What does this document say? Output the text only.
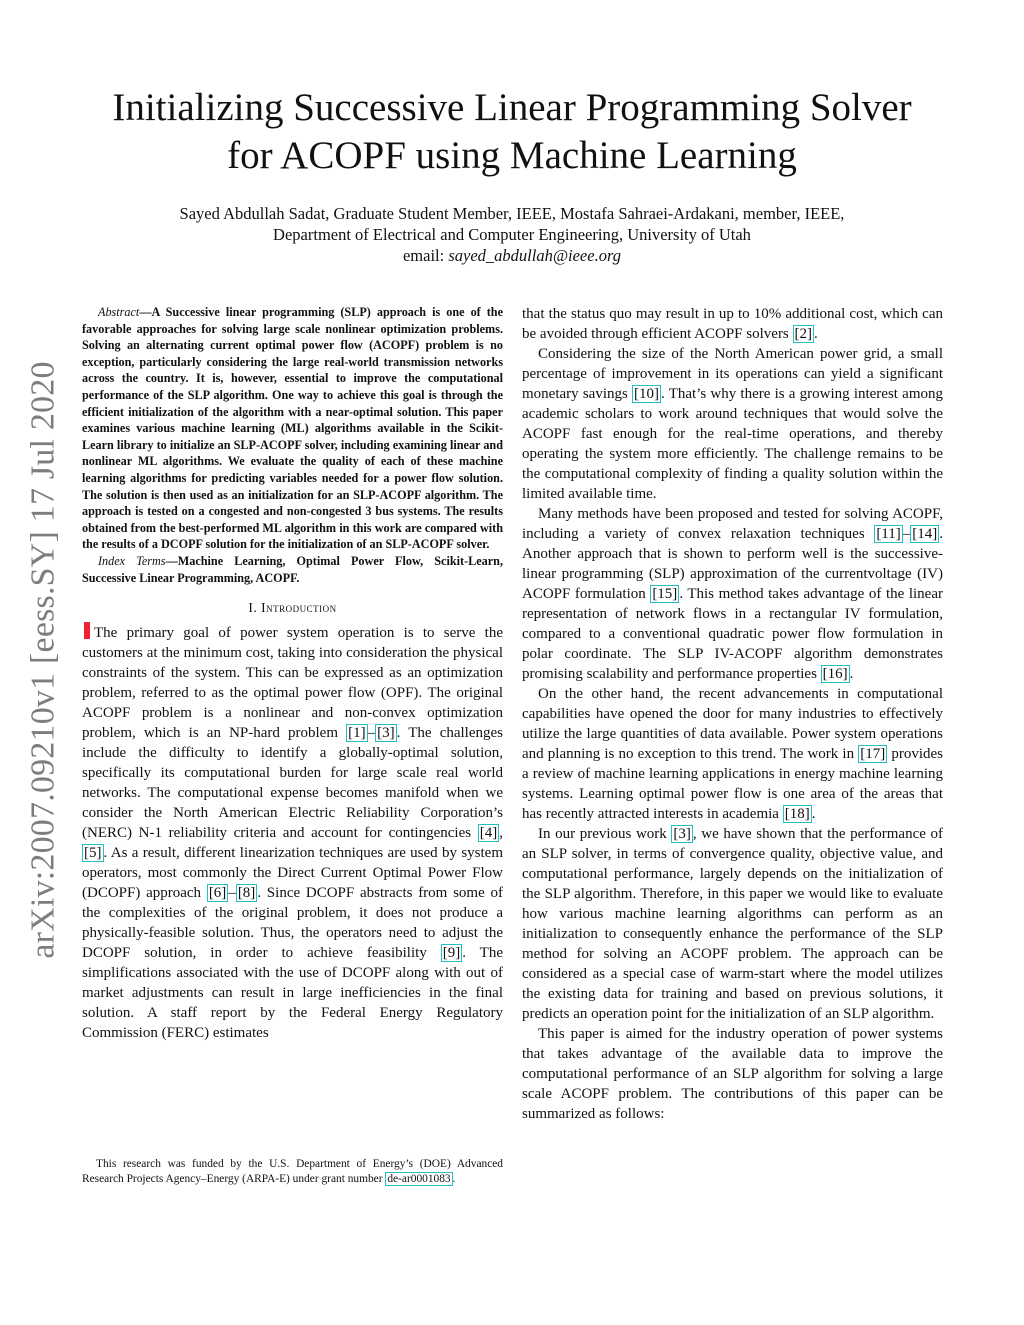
arXiv:2007.09210v1 [eess.SY] 17 Jul 2020
Initializing Successive Linear Programming Solver
for ACOPF using Machine Learning
Sayed Abdullah Sadat, Graduate Student Member, IEEE, Mostafa Sahraei-Ardakani, member, IEEE,
Department of Electrical and Computer Engineering, University of Utah
email: sayed_abdullah@ieee.org

Abstract—A Successive linear programming (SLP) approach is one of the favorable approaches for solving large scale nonlinear optimization problems. Solving an alternating current optimal power flow (ACOPF) problem is no exception, particularly considering the large real-world transmission networks across the country. It is, however, essential to improve the computational performance of the SLP algorithm. One way to achieve this goal is through the efficient initialization of the algorithm with a near-optimal solution. This paper examines various machine learning (ML) algorithms available in the Scikit-Learn library to initialize an SLP-ACOPF solver, including examining linear and nonlinear ML algorithms. We evaluate the quality of each of these machine learning algorithms for predicting variables needed for a power flow solution. The solution is then used as an initialization for an SLP-ACOPF algorithm. The approach is tested on a congested and non-congested 3 bus systems. The results obtained from the best-performed ML algorithm in this work are compared with the results of a DCOPF solution for the initialization of an SLP-ACOPF solver.

Index Terms—Machine Learning, Optimal Power Flow, Scikit-Learn, Successive Linear Programming, ACOPF.

I. Introduction

The primary goal of power system operation is to serve the customers at the minimum cost, taking into consideration the physical constraints of the system. This can be expressed as an optimization problem, referred to as the optimal power flow (OPF). The original ACOPF problem is a nonlinear and non-convex optimization problem, which is an NP-hard problem [1] – [3] . The challenges include the difficulty to identify a globally-optimal solution, specifically its computational burden for large scale real world networks. The computational expense becomes manifold when we consider the North American Electric Reliability Corporation’s (NERC) N-1 reliability criteria and account for contingencies [4] , [5] . As a result, different linearization techniques are used by system operators, most commonly the Direct Current Optimal Power Flow (DCOPF) approach [6] – [8] . Since DCOPF abstracts from some of the complexities of the original problem, it does not produce a physically-feasible solution. Thus, the operators need to adjust the DCOPF solution, in order to achieve feasibility [9] . The simplifications associated with the use of DCOPF along with out of market adjustments can result in large inefficiencies in the final solution. A staff report by the Federal Energy Regulatory Commission (FERC) estimates

This research was funded by the U.S. Department of Energy’s (DOE) Advanced Research Projects Agency–Energy (ARPA-E) under grant number de-ar0001083 .

that the status quo may result in up to 10% additional cost, which can be avoided through efficient ACOPF solvers [2] .

Considering the size of the North American power grid, a small percentage of improvement in its operations can yield a significant monetary savings [10] . That’s why there is a growing interest among academic scholars to work around techniques that would solve the ACOPF fast enough for the real-time operations, and thereby operating the system more efficiently. The challenge remains to be the computational complexity of finding a quality solution within the limited available time.

Many methods have been proposed and tested for solving ACOPF, including a variety of convex relaxation techniques [11] – [14] . Another approach that is shown to perform well is the successive-linear programming (SLP) approximation of the currentvoltage (IV) ACOPF formulation [15] . This method takes advantage of the linear representation of network flows in a rectangular IV formulation, compared to a conventional quadratic power flow formulation in polar coordinate. The SLP IV-ACOPF algorithm demonstrates promising scalability and performance properties [16] .

On the other hand, the recent advancements in computational capabilities have opened the door for many industries to effectively utilize the large quantities of data available. Power system operations and planning is no exception to this trend. The work in [17] provides a review of machine learning applications in energy machine learning systems. Learning optimal power flow is one area of the areas that has recently attracted interests in academia [18] .

In our previous work [3] , we have shown that the performance of an SLP solver, in terms of convergence quality, objective value, and computational performance, largely depends on the initialization of the SLP algorithm. Therefore, in this paper we would like to evaluate how various machine learning algorithms can perform as an initialization to consequently enhance the performance of the SLP method for solving an ACOPF problem. The approach can be considered as a special case of warm-start where the model utilizes the existing data for training and based on previous solutions, it predicts an operation point for the initialization of an SLP algorithm.

This paper is aimed for the industry operation of power systems that takes advantage of the available data to improve the computational performance of an SLP algorithm for solving a large scale ACOPF problem. The contributions of this paper can be summarized as follows:
